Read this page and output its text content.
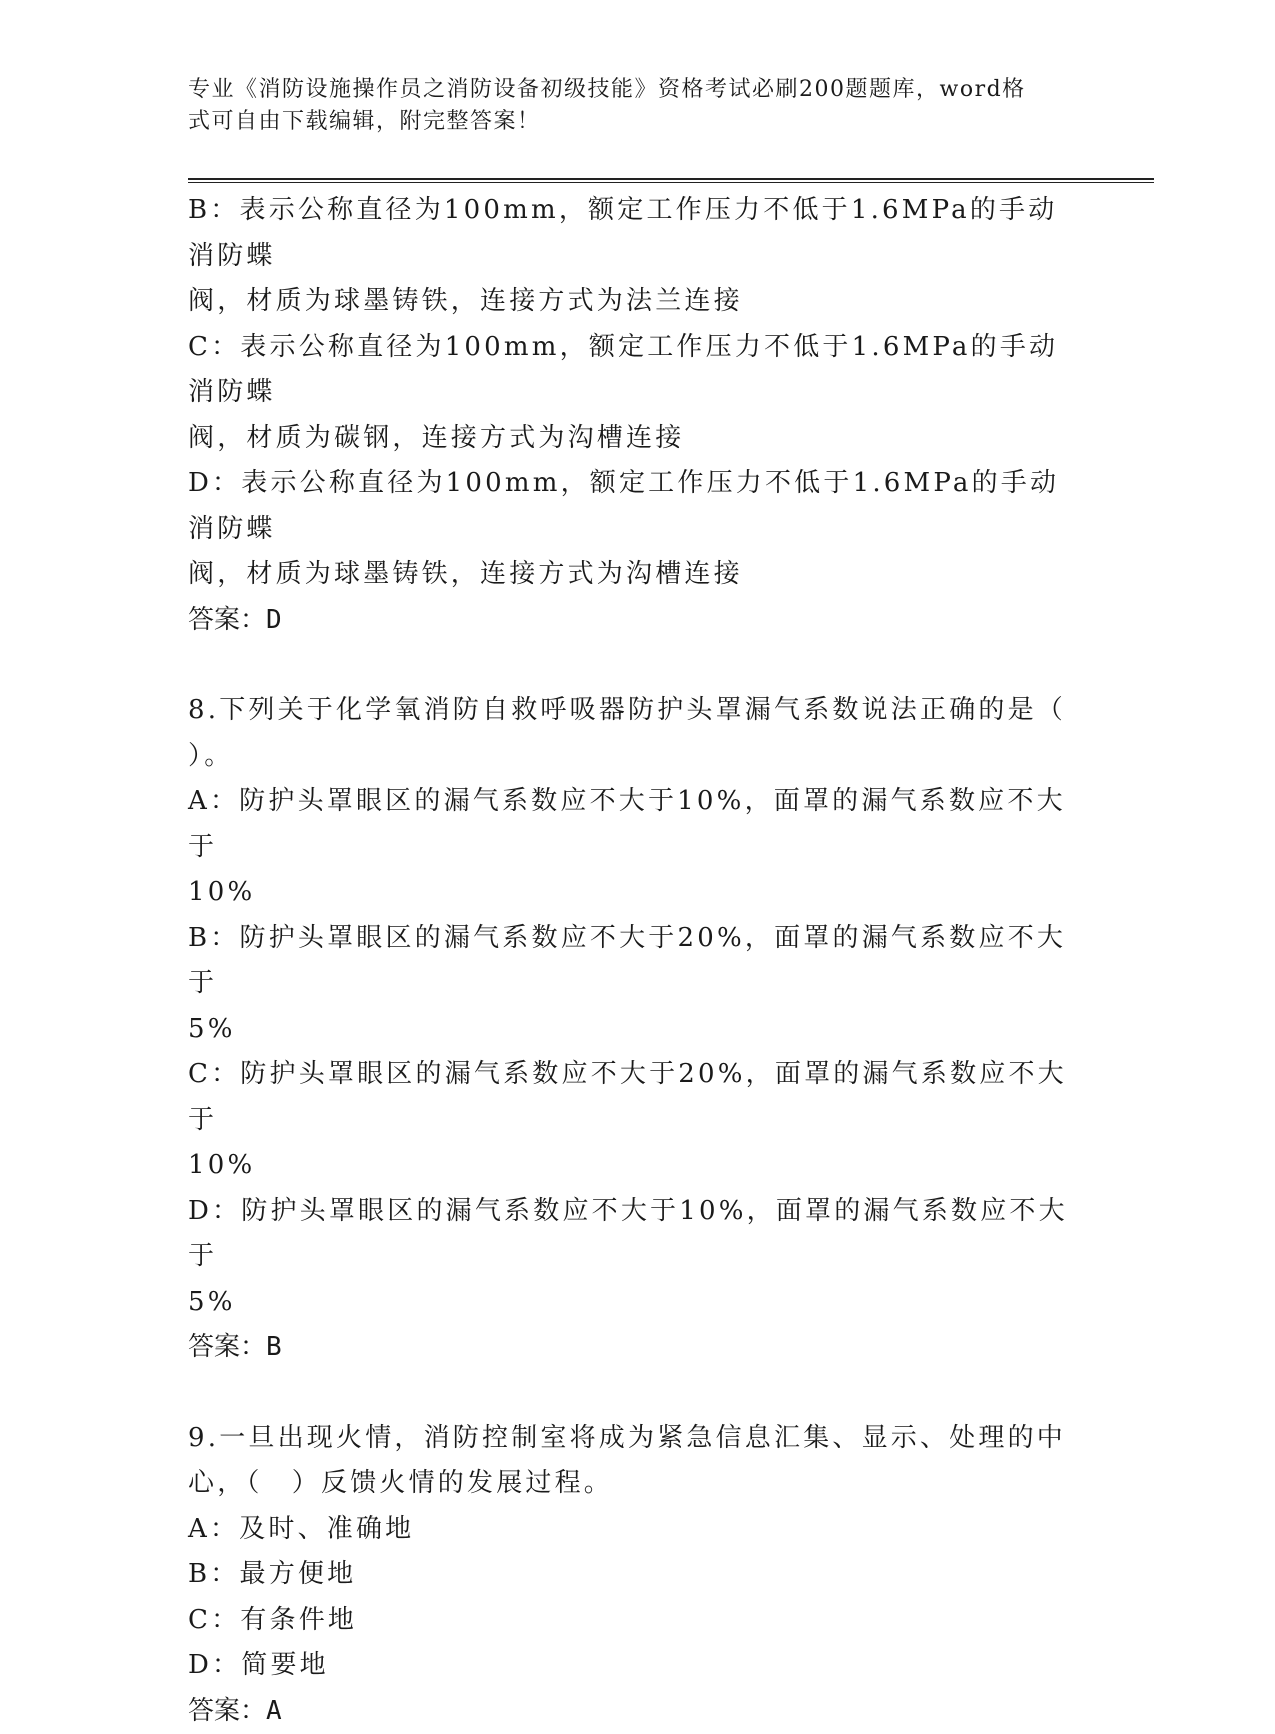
专业《消防设施操作员之消防设备初级技能》资格考试必刷200题题库，word格
式可自由下载编辑，附完整答案！
B：表示公称直径为100mm，额定工作压力不低于1.6MPa的手动消防蝶
阀，材质为球墨铸铁，连接方式为法兰连接
C：表示公称直径为100mm，额定工作压力不低于1.6MPa的手动消防蝶
阀，材质为碳钢，连接方式为沟槽连接
D：表示公称直径为100mm，额定工作压力不低于1.6MPa的手动消防蝶
阀，材质为球墨铸铁，连接方式为沟槽连接
答案：D
8.下列关于化学氧消防自救呼吸器防护头罩漏气系数说法正确的是（
）。
A：防护头罩眼区的漏气系数应不大于10%，面罩的漏气系数应不大于
10%
B：防护头罩眼区的漏气系数应不大于20%，面罩的漏气系数应不大于
5%
C：防护头罩眼区的漏气系数应不大于20%，面罩的漏气系数应不大于
10%
D：防护头罩眼区的漏气系数应不大于10%，面罩的漏气系数应不大于
5%
答案：B
9.一旦出现火情，消防控制室将成为紧急信息汇集、显示、处理的中
心，（　）反馈火情的发展过程。
A：及时、准确地
B：最方便地
C：有条件地
D：简要地
答案：A
